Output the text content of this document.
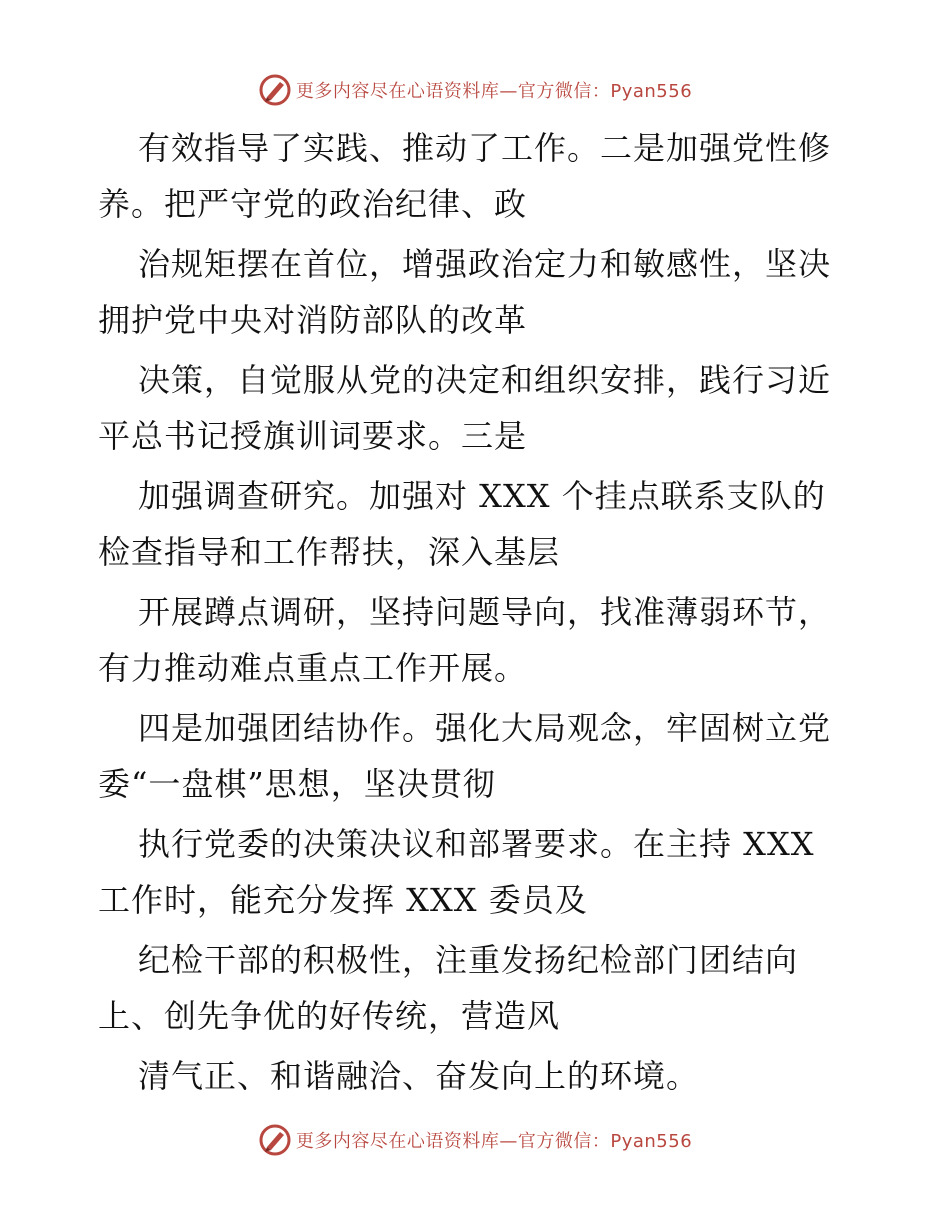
更多内容尽在心语资料库—官方微信：Pyan556
有效指导了实践、推动了工作。二是加强党性修
养。把严守党的政治纪律、政
治规矩摆在首位，增强政治定力和敏感性，坚决
拥护党中央对消防部队的改革
决策，自觉服从党的决定和组织安排，践行习近
平总书记授旗训词要求。三是
加强调查研究。加强对 XXX 个挂点联系支队的
检查指导和工作帮扶，深入基层
开展蹲点调研，坚持问题导向，找准薄弱环节，
有力推动难点重点工作开展。
四是加强团结协作。强化大局观念，牢固树立党
委“一盘棋”思想，坚决贯彻
执行党委的决策决议和部署要求。在主持 XXX
工作时，能充分发挥 XXX 委员及
纪检干部的积极性，注重发扬纪检部门团结向
上、创先争优的好传统，营造风
清气正、和谐融洽、奋发向上的环境。
更多内容尽在心语资料库—官方微信：Pyan556
